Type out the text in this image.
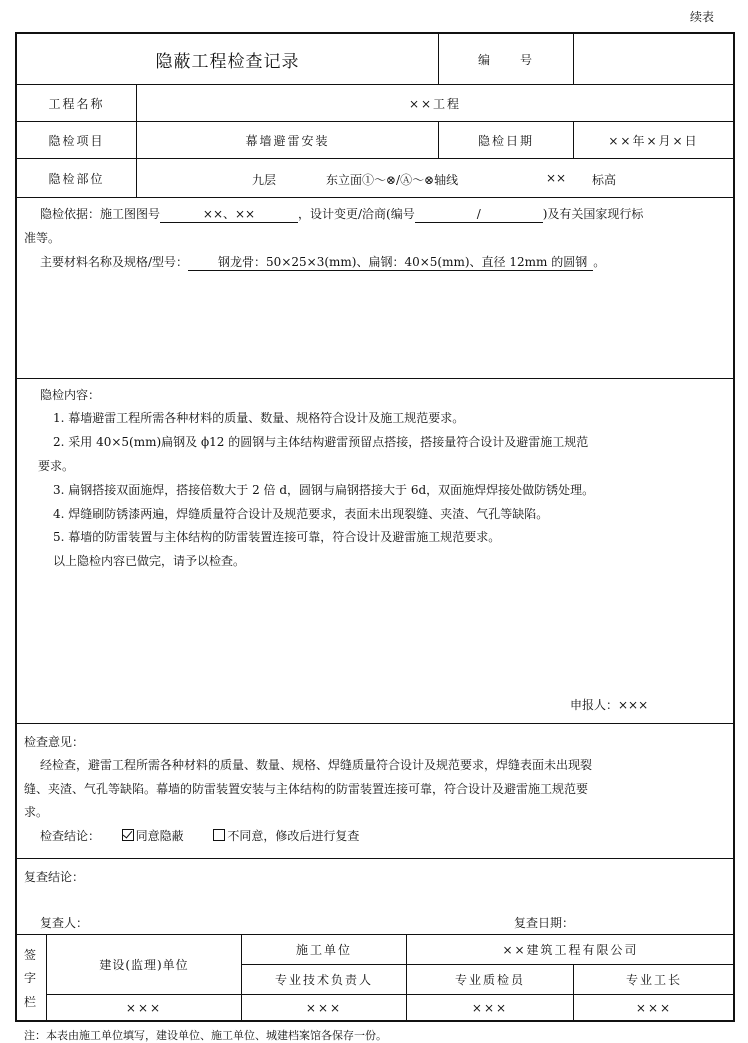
续表
隐蔽工程检查记录	编　　号
工程名称	××工程
隐检项目	幕墙避雷安装	隐检日期	××年×月×日
隐检部位	九层	东立面①～⊗/Ⓐ～⊗轴线	×× 标高
隐检依据：施工图图号	××、××	，设计变更/洽商(编号	/	)及有关国家现行标
准等。
主要材料名称及规格/型号：	钢龙骨：50×25×3(mm)、扁钢：40×5(mm)、直径 12mm 的圆钢 。
隐检内容：
1. 幕墙避雷工程所需各种材料的质量、数量、规格符合设计及施工规范要求。
2. 采用 40×5(mm)扁钢及 ϕ12 的圆钢与主体结构避雷预留点搭接，搭接量符合设计及避雷施工规范
要求。
3. 扁钢搭接双面施焊，搭接倍数大于 2 倍 d，圆钢与扁钢搭接大于 6d，双面施焊焊接处做防锈处理。
4. 焊缝刷防锈漆两遍，焊缝质量符合设计及规范要求，表面未出现裂缝、夹渣、气孔等缺陷。
5. 幕墙的防雷装置与主体结构的防雷装置连接可靠，符合设计及避雷施工规范要求。
以上隐检内容已做完，请予以检查。
申报人：×××
检查意见：
经检查，避雷工程所需各种材料的质量、数量、规格、焊缝质量符合设计及规范要求，焊缝表面未出现裂
缝、夹渣、气孔等缺陷。幕墙的防雷装置安装与主体结构的防雷装置连接可靠，符合设计及避雷施工规范要
求。
检查结论：	同意隐蔽	不同意，修改后进行复查
复查结论：
复查人：	复查日期：
签
字
栏
建设(监理)单位
施工单位	××建筑工程有限公司
专业技术负责人	专业质检员	专业工长
×××	×××	×××	×××
注：本表由施工单位填写，建设单位、施工单位、城建档案馆各保存一份。
